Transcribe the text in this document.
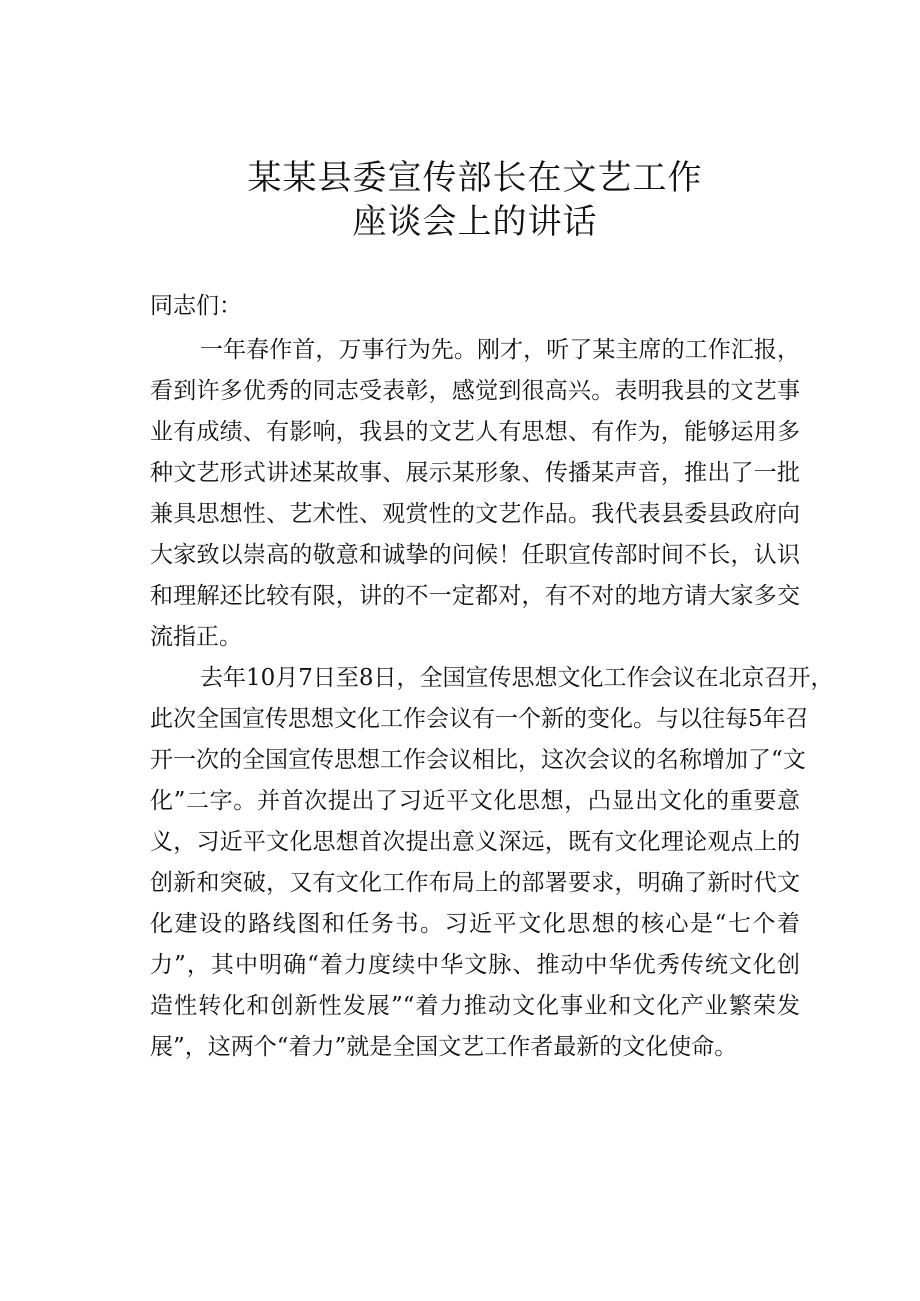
某某县委宣传部长在文艺工作
座谈会上的讲话
同志们：
一年春作首，万事行为先。刚才，听了某主席的工作汇报，
看到许多优秀的同志受表彰，感觉到很高兴。表明我县的文艺事
业有成绩、有影响，我县的文艺人有思想、有作为，能够运用多
种文艺形式讲述某故事、展示某形象、传播某声音，推出了一批
兼具思想性、艺术性、观赏性的文艺作品。我代表县委县政府向
大家致以崇高的敬意和诚挚的问候！任职宣传部时间不长，认识
和理解还比较有限，讲的不一定都对，有不对的地方请大家多交
流指正。
去年10月7日至8日，全国宣传思想文化工作会议在北京召开，
此次全国宣传思想文化工作会议有一个新的变化。与以往每5年召
开一次的全国宣传思想工作会议相比，这次会议的名称增加了“文
化”二字。并首次提出了习近平文化思想，凸显出文化的重要意
义，习近平文化思想首次提出意义深远，既有文化理论观点上的
创新和突破，又有文化工作布局上的部署要求，明确了新时代文
化建设的路线图和任务书。习近平文化思想的核心是“七个着
力”，其中明确“着力度续中华文脉、推动中华优秀传统文化创
造性转化和创新性发展”“着力推动文化事业和文化产业繁荣发
展”，这两个“着力”就是全国文艺工作者最新的文化使命。
